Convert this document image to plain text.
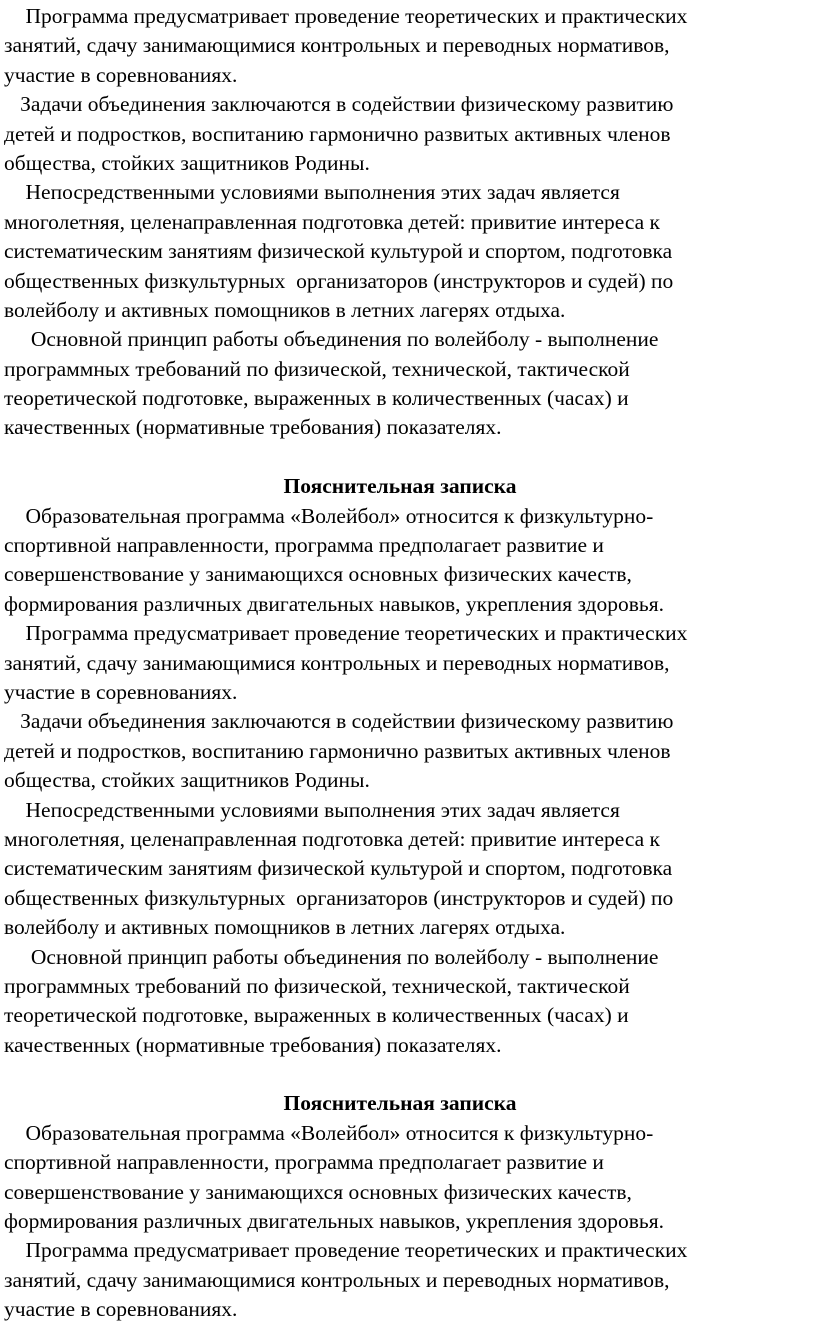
Программа предусматривает проведение теоретических и практических
занятий, сдачу занимающимися контрольных и переводных нормативов,
участие в соревнованиях.
Задачи объединения заключаются в содействии физическому развитию
детей и подростков, воспитанию гармонично развитых активных членов
общества, стойких защитников Родины.
Непосредственными условиями выполнения этих задач является
многолетняя, целенаправленная подготовка детей: привитие интереса к
систематическим занятиям физической культурой и спортом, подготовка
общественных физкультурных  организаторов (инструкторов и судей) по
волейболу и активных помощников в летних лагерях отдыха.
Основной принцип работы объединения по волейболу - выполнение
программных требований по физической, технической, тактической
теоретической подготовке, выраженных в количественных (часах) и
качественных (нормативные требования) показателях.
Пояснительная записка
Образовательная программа «Волейбол» относится к физкультурно-
спортивной направленности, программа предполагает развитие и
совершенствование у занимающихся основных физических качеств,
формирования различных двигательных навыков, укрепления здоровья.
Программа предусматривает проведение теоретических и практических
занятий, сдачу занимающимися контрольных и переводных нормативов,
участие в соревнованиях.
Задачи объединения заключаются в содействии физическому развитию
детей и подростков, воспитанию гармонично развитых активных членов
общества, стойких защитников Родины.
Непосредственными условиями выполнения этих задач является
многолетняя, целенаправленная подготовка детей: привитие интереса к
систематическим занятиям физической культурой и спортом, подготовка
общественных физкультурных  организаторов (инструкторов и судей) по
волейболу и активных помощников в летних лагерях отдыха.
Основной принцип работы объединения по волейболу - выполнение
программных требований по физической, технической, тактической
теоретической подготовке, выраженных в количественных (часах) и
качественных (нормативные требования) показателях.
Пояснительная записка
Образовательная программа «Волейбол» относится к физкультурно-
спортивной направленности, программа предполагает развитие и
совершенствование у занимающихся основных физических качеств,
формирования различных двигательных навыков, укрепления здоровья.
Программа предусматривает проведение теоретических и практических
занятий, сдачу занимающимися контрольных и переводных нормативов,
участие в соревнованиях.
